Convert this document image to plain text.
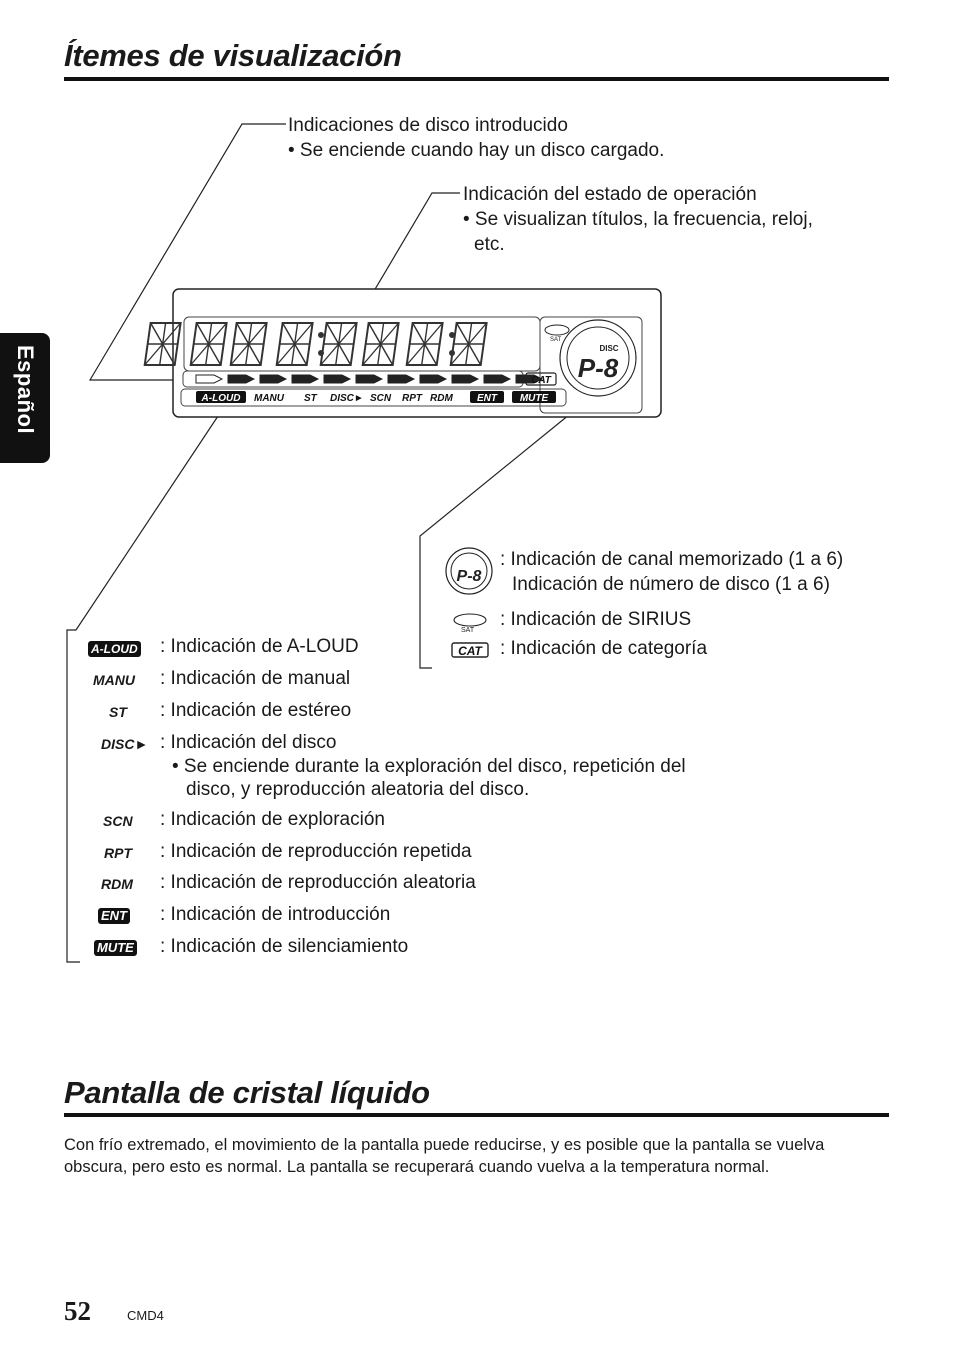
Ítemes de visualización
Español
Indicaciones de disco introducido
• Se enciende cuando hay un disco cargado.
Indicación del estado de operación
• Se visualizan títulos, la frecuencia, reloj,
etc.
CAT
SAT
DISC
P-8
A-LOUD MANU ST DISC► SCN RPT RDM ENT MUTE
P-8
SAT
CAT
: Indicación de canal memorizado (1 a 6)
Indicación de número de disco (1 a 6)
: Indicación de SIRIUS
: Indicación de categoría
A-LOUD : Indicación de A-LOUD
MANU : Indicación de manual
ST : Indicación de estéreo
DISC► : Indicación del disco
• Se enciende durante la exploración del disco, repetición del
disco, y reproducción aleatoria del disco.
SCN : Indicación de exploración
RPT : Indicación de reproducción repetida
RDM : Indicación de reproducción aleatoria
ENT : Indicación de introducción
MUTE : Indicación de silenciamiento
Pantalla de cristal líquido
Con frío extremado, el movimiento de la pantalla puede reducirse, y es posible que la pantalla se vuelva obscura, pero esto es normal. La pantalla se recuperará cuando vuelva a la temperatura normal.
52	CMD4
